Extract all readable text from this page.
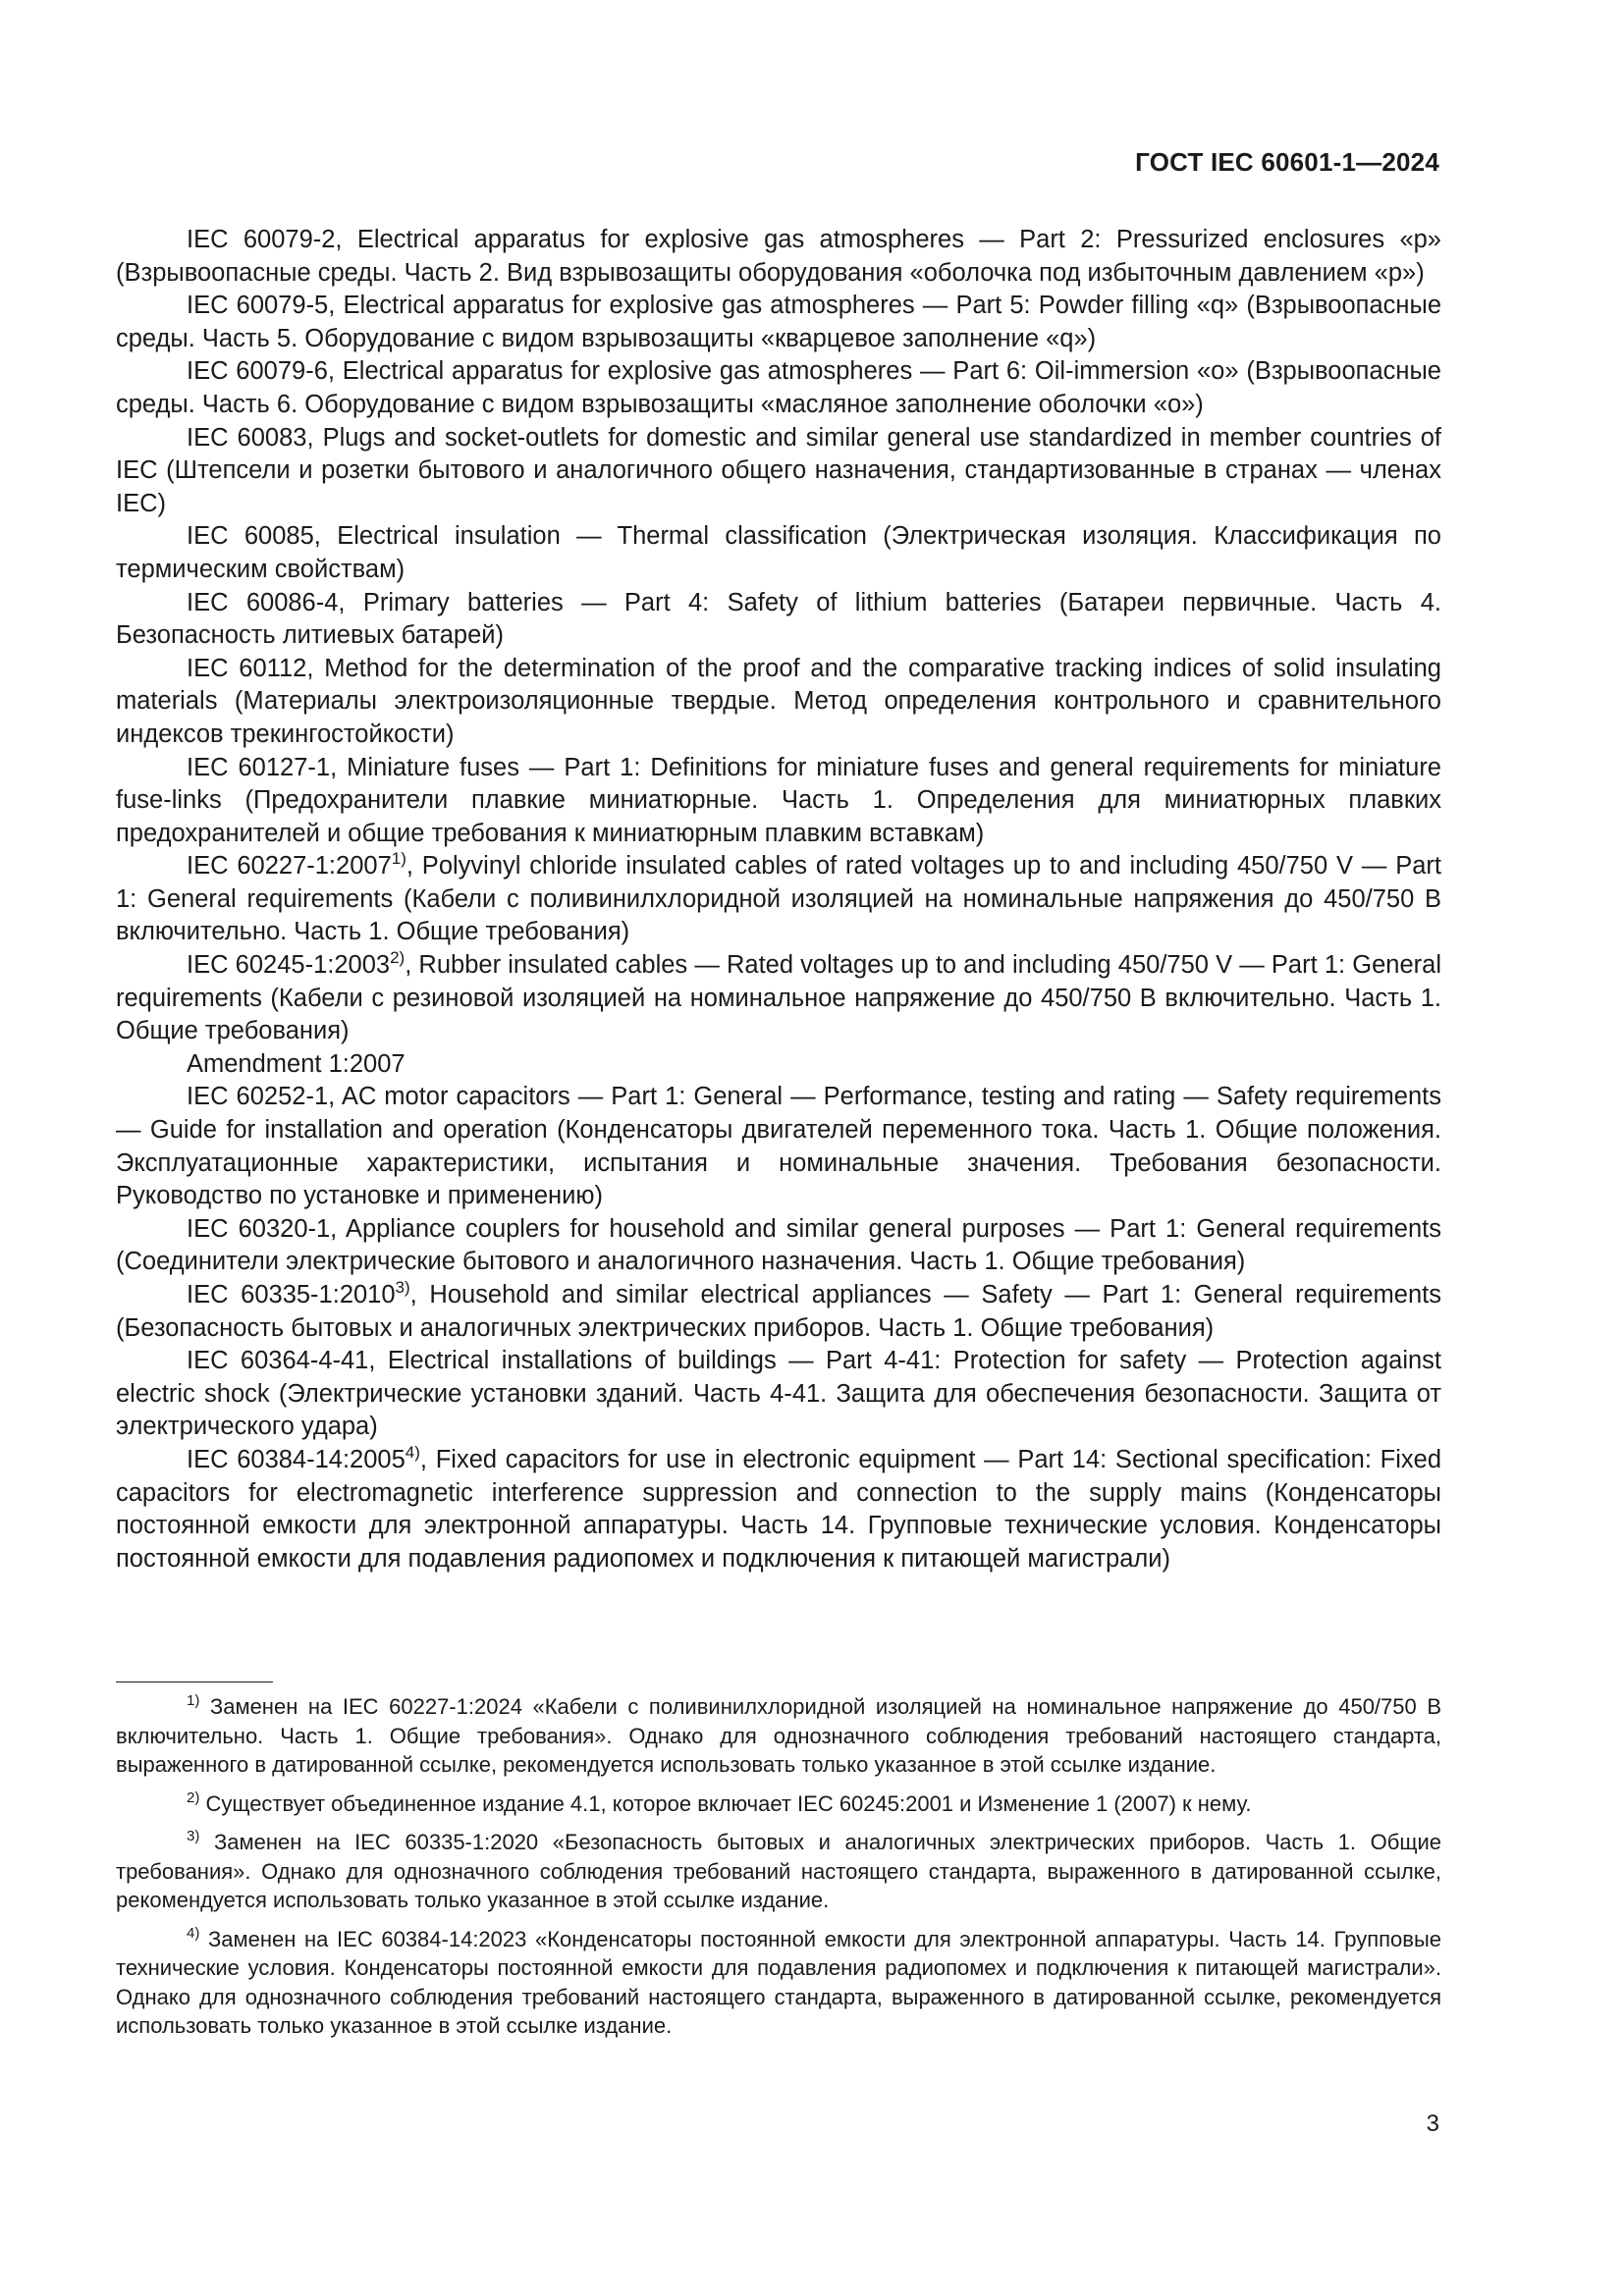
ГОСТ IEC 60601-1—2024

IEC 60079-2, Electrical apparatus for explosive gas atmospheres — Part 2: Pressurized enclosures «p» (Взрывоопасные среды. Часть 2. Вид взрывозащиты оборудования «оболочка под избыточным давлением «p»)

IEC 60079-5, Electrical apparatus for explosive gas atmospheres — Part 5: Powder filling «q» (Взрывоопасные среды. Часть 5. Оборудование с видом взрывозащиты «кварцевое заполнение «q»)

IEC 60079-6, Electrical apparatus for explosive gas atmospheres — Part 6: Oil-immersion «o» (Взрывоопасные среды. Часть 6. Оборудование с видом взрывозащиты «масляное заполнение оболочки «o»)

IEC 60083, Plugs and socket-outlets for domestic and similar general use standardized in member countries of IEC (Штепсели и розетки бытового и аналогичного общего назначения, стандартизованные в странах — членах IEC)

IEC 60085, Electrical insulation — Thermal classification (Электрическая изоляция. Классификация по термическим свойствам)

IEC 60086-4, Primary batteries — Part 4: Safety of lithium batteries (Батареи первичные. Часть 4. Безопасность литиевых батарей)

IEC 60112, Method for the determination of the proof and the comparative tracking indices of solid insulating materials (Материалы электроизоляционные твердые. Метод определения контрольного и сравнительного индексов трекингостойкости)

IEC 60127-1, Miniature fuses — Part 1: Definitions for miniature fuses and general requirements for miniature fuse-links (Предохранители плавкие миниатюрные. Часть 1. Определения для миниатюрных плавких предохранителей и общие требования к миниатюрным плавким вставкам)

IEC 60227-1:2007$^{1)}$, Polyvinyl chloride insulated cables of rated voltages up to and including 450/750 V — Part 1: General requirements (Кабели с поливинилхлоридной изоляцией на номинальные напряжения до 450/750 В включительно. Часть 1. Общие требования)

IEC 60245-1:2003$^{2)}$, Rubber insulated cables — Rated voltages up to and including 450/750 V — Part 1: General requirements (Кабели с резиновой изоляцией на номинальное напряжение до 450/750 В включительно. Часть 1. Общие требования)

Amendment 1:2007

IEC 60252-1, AC motor capacitors — Part 1: General — Performance, testing and rating — Safety requirements — Guide for installation and operation (Конденсаторы двигателей переменного тока. Часть 1. Общие положения. Эксплуатационные характеристики, испытания и номинальные значения. Требования безопасности. Руководство по установке и применению)

IEC 60320-1, Appliance couplers for household and similar general purposes — Part 1: General requirements (Соединители электрические бытового и аналогичного назначения. Часть 1. Общие требования)

IEC 60335-1:2010$^{3)}$, Household and similar electrical appliances — Safety — Part 1: General requirements (Безопасность бытовых и аналогичных электрических приборов. Часть 1. Общие требования)

IEC 60364-4-41, Electrical installations of buildings — Part 4-41: Protection for safety — Protection against electric shock (Электрические установки зданий. Часть 4-41. Защита для обеспечения безопасности. Защита от электрического удара)

IEC 60384-14:2005$^{4)}$, Fixed capacitors for use in electronic equipment — Part 14: Sectional specification: Fixed capacitors for electromagnetic interference suppression and connection to the supply mains (Конденсаторы постоянной емкости для электронной аппаратуры. Часть 14. Групповые технические условия. Конденсаторы постоянной емкости для подавления радиопомех и подключения к питающей магистрали)

$^{1)}$ Заменен на IEC 60227-1:2024 «Кабели с поливинилхлоридной изоляцией на номинальное напряжение до 450/750 В включительно. Часть 1. Общие требования». Однако для однозначного соблюдения требований настоящего стандарта, выраженного в датированной ссылке, рекомендуется использовать только указанное в этой ссылке издание.

$^{2)}$ Существует объединенное издание 4.1, которое включает IEC 60245:2001 и Изменение 1 (2007) к нему.

$^{3)}$ Заменен на IEC 60335-1:2020 «Безопасность бытовых и аналогичных электрических приборов. Часть 1. Общие требования». Однако для однозначного соблюдения требований настоящего стандарта, выраженного в датированной ссылке, рекомендуется использовать только указанное в этой ссылке издание.

$^{4)}$ Заменен на IEC 60384-14:2023 «Конденсаторы постоянной емкости для электронной аппаратуры. Часть 14. Групповые технические условия. Конденсаторы постоянной емкости для подавления радиопомех и подключения к питающей магистрали». Однако для однозначного соблюдения требований настоящего стандарта, выраженного в датированной ссылке, рекомендуется использовать только указанное в этой ссылке издание.

3
